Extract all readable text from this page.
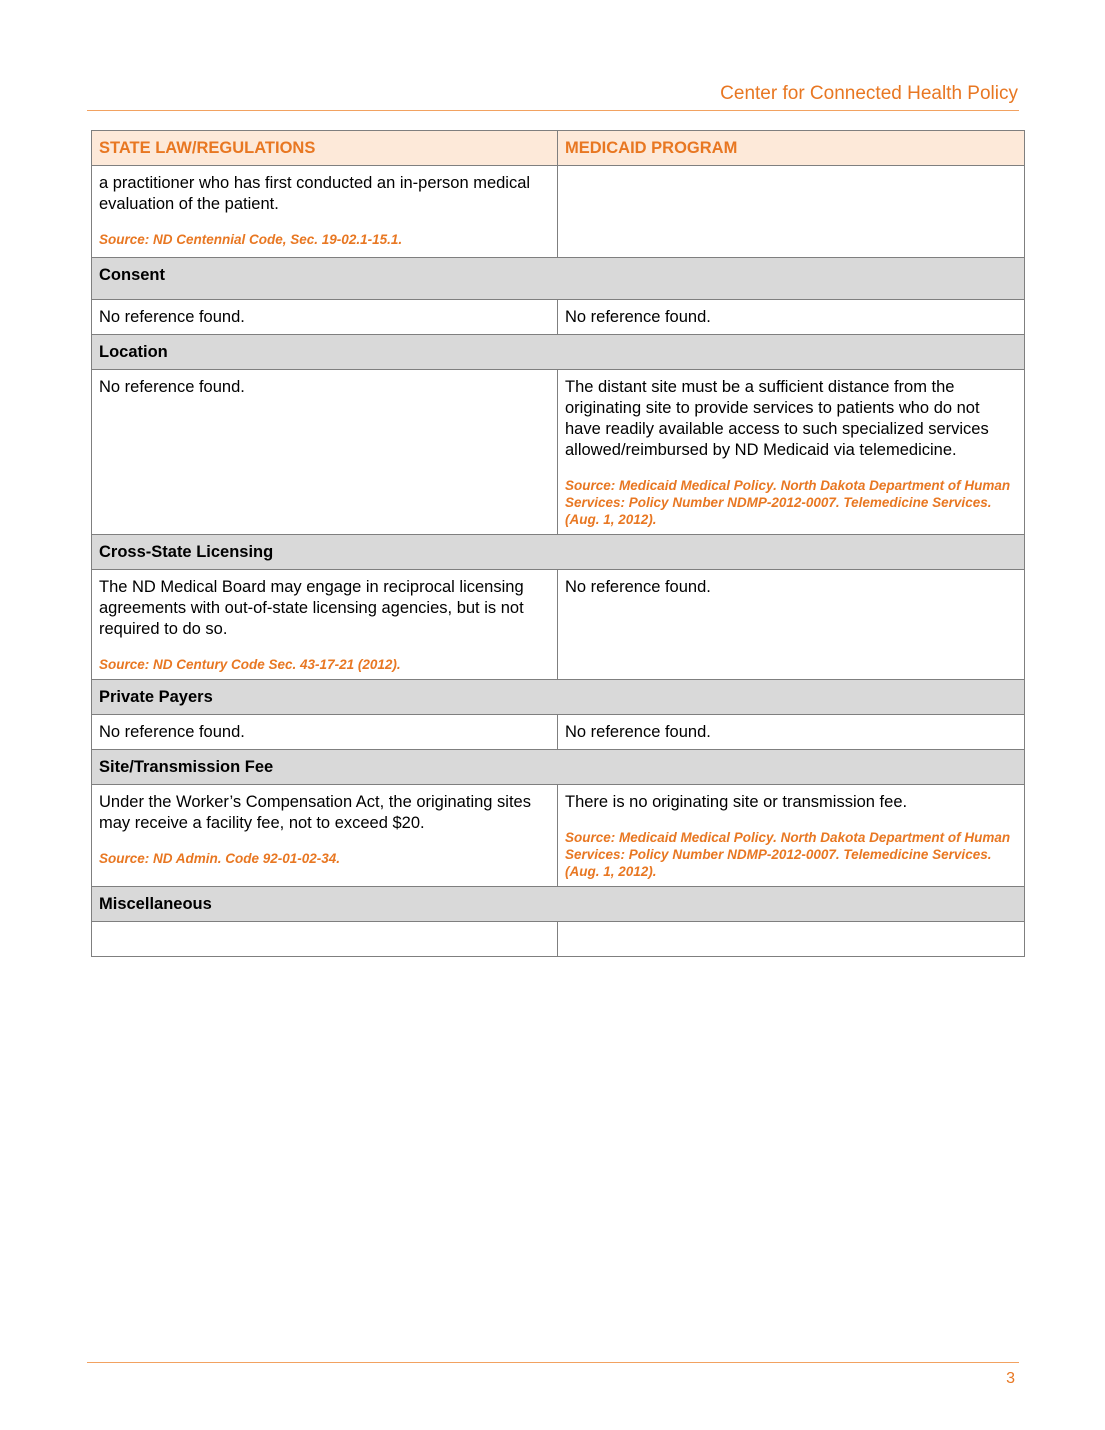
Center for Connected Health Policy
STATE LAW/REGULATIONS	MEDICAID PROGRAM

a practitioner who has first conducted an in-person medical evaluation of the patient.

Source: ND Centennial Code, Sec. 19-02.1-15.1.	

Consent	

No reference found.	No reference found.

Location	

No reference found.	The distant site must be a sufficient distance from the originating site to provide services to patients who do not have readily available access to such specialized services allowed/reimbursed by ND Medicaid via telemedicine.

Source: Medicaid Medical Policy. North Dakota Department of Human Services: Policy Number NDMP-2012-0007. Telemedicine Services. (Aug. 1, 2012).

Cross-State Licensing	

The ND Medical Board may engage in reciprocal licensing agreements with out-of-state licensing agencies, but is not required to do so.

Source: ND Century Code Sec. 43-17-21 (2012).	No reference found.

Private Payers	

No reference found.	No reference found.

Site/Transmission Fee	

Under the Worker’s Compensation Act, the originating sites may receive a facility fee, not to exceed $20.

Source: ND Admin. Code 92-01-02-34.	There is no originating site or transmission fee.

Source: Medicaid Medical Policy. North Dakota Department of Human Services: Policy Number NDMP-2012-0007. Telemedicine Services. (Aug. 1, 2012).

Miscellaneous	

3
